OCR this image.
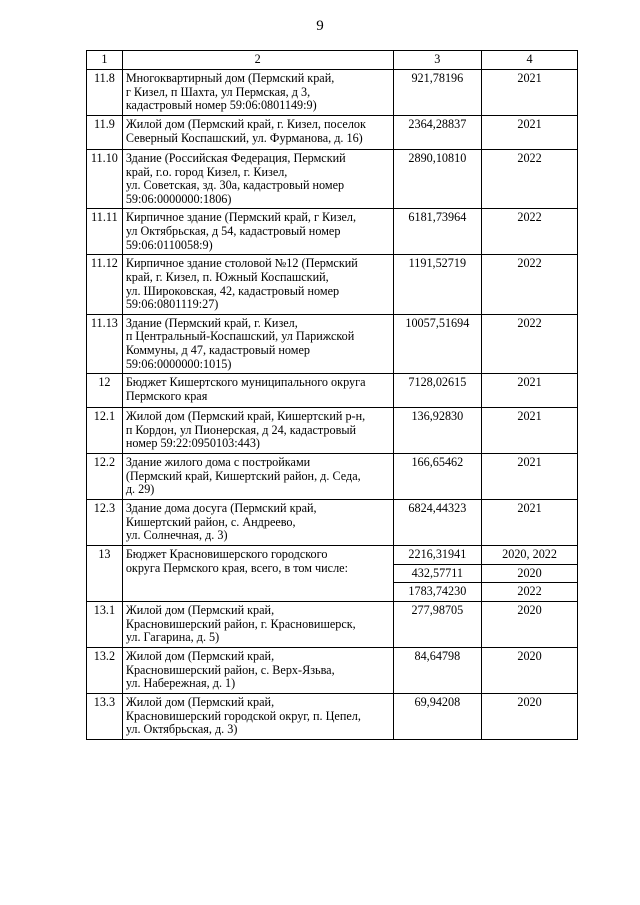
9
1	2	3	4
11.8	Многоквартирный дом (Пермский край,
г Кизел, п Шахта, ул Пермская, д 3,
кадастровый номер 59:06:0801149:9)	921,78196	2021
11.9	Жилой дом (Пермский край, г. Кизел, поселок
Северный Коспашский, ул. Фурманова, д. 16)	2364,28837	2021
11.10	Здание (Российская Федерация, Пермский
край, г.о. город Кизел, г. Кизел,
ул. Советская, зд. 30а, кадастровый номер
59:06:0000000:1806)	2890,10810	2022
11.11	Кирпичное здание (Пермский край, г Кизел,
ул Октябрьская, д 54, кадастровый номер
59:06:0110058:9)	6181,73964	2022
11.12	Кирпичное здание столовой №12 (Пермский
край, г. Кизел, п. Южный Коспашский,
ул. Широковская, 42, кадастровый номер
59:06:0801119:27)	1191,52719	2022
11.13	Здание (Пермский край, г. Кизел,
п Центральный-Коспашский, ул Парижской
Коммуны, д 47, кадастровый номер
59:06:0000000:1015)	10057,51694	2022
12	Бюджет Кишертского муниципального округа
Пермского края	7128,02615	2021
12.1	Жилой дом (Пермский край, Кишертский р-н,
п Кордон, ул Пионерская, д 24, кадастровый
номер 59:22:0950103:443)	136,92830	2021
12.2	Здание жилого дома с постройками
(Пермский край, Кишертский район, д. Седа,
д. 29)	166,65462	2021
12.3	Здание дома досуга (Пермский край,
Кишертский район, с. Андреево,
ул. Солнечная, д. 3)	6824,44323	2021
13	Бюджет Красновишерского городского
округа Пермского края, всего, в том числе:	2216,31941	2020, 2022
		432,57711	2020
		1783,74230	2022
13.1	Жилой дом (Пермский край,
Красновишерский район, г. Красновишерск,
ул. Гагарина, д. 5)	277,98705	2020
13.2	Жилой дом (Пермский край,
Красновишерский район, с. Верх-Язьва,
ул. Набережная, д. 1)	84,64798	2020
13.3	Жилой дом (Пермский край,
Красновишерский городской округ, п. Цепел,
ул. Октябрьская, д. 3)	69,94208	2020
